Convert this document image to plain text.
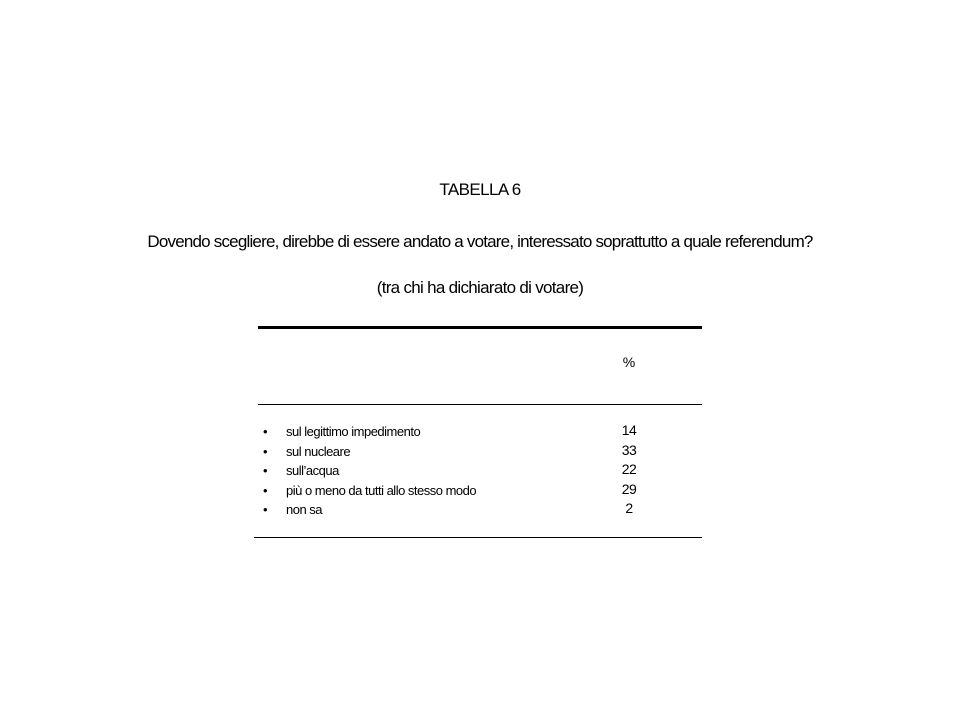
TABELLA 6
Dovendo scegliere, direbbe di essere andato a votare, interessato soprattutto a quale referendum?
(tra chi ha dichiarato di votare)
%
• sul legittimo impedimento	14
• sul nucleare	33
• sull’acqua	22
• più o meno da tutti allo stesso modo	29
• non sa	2
